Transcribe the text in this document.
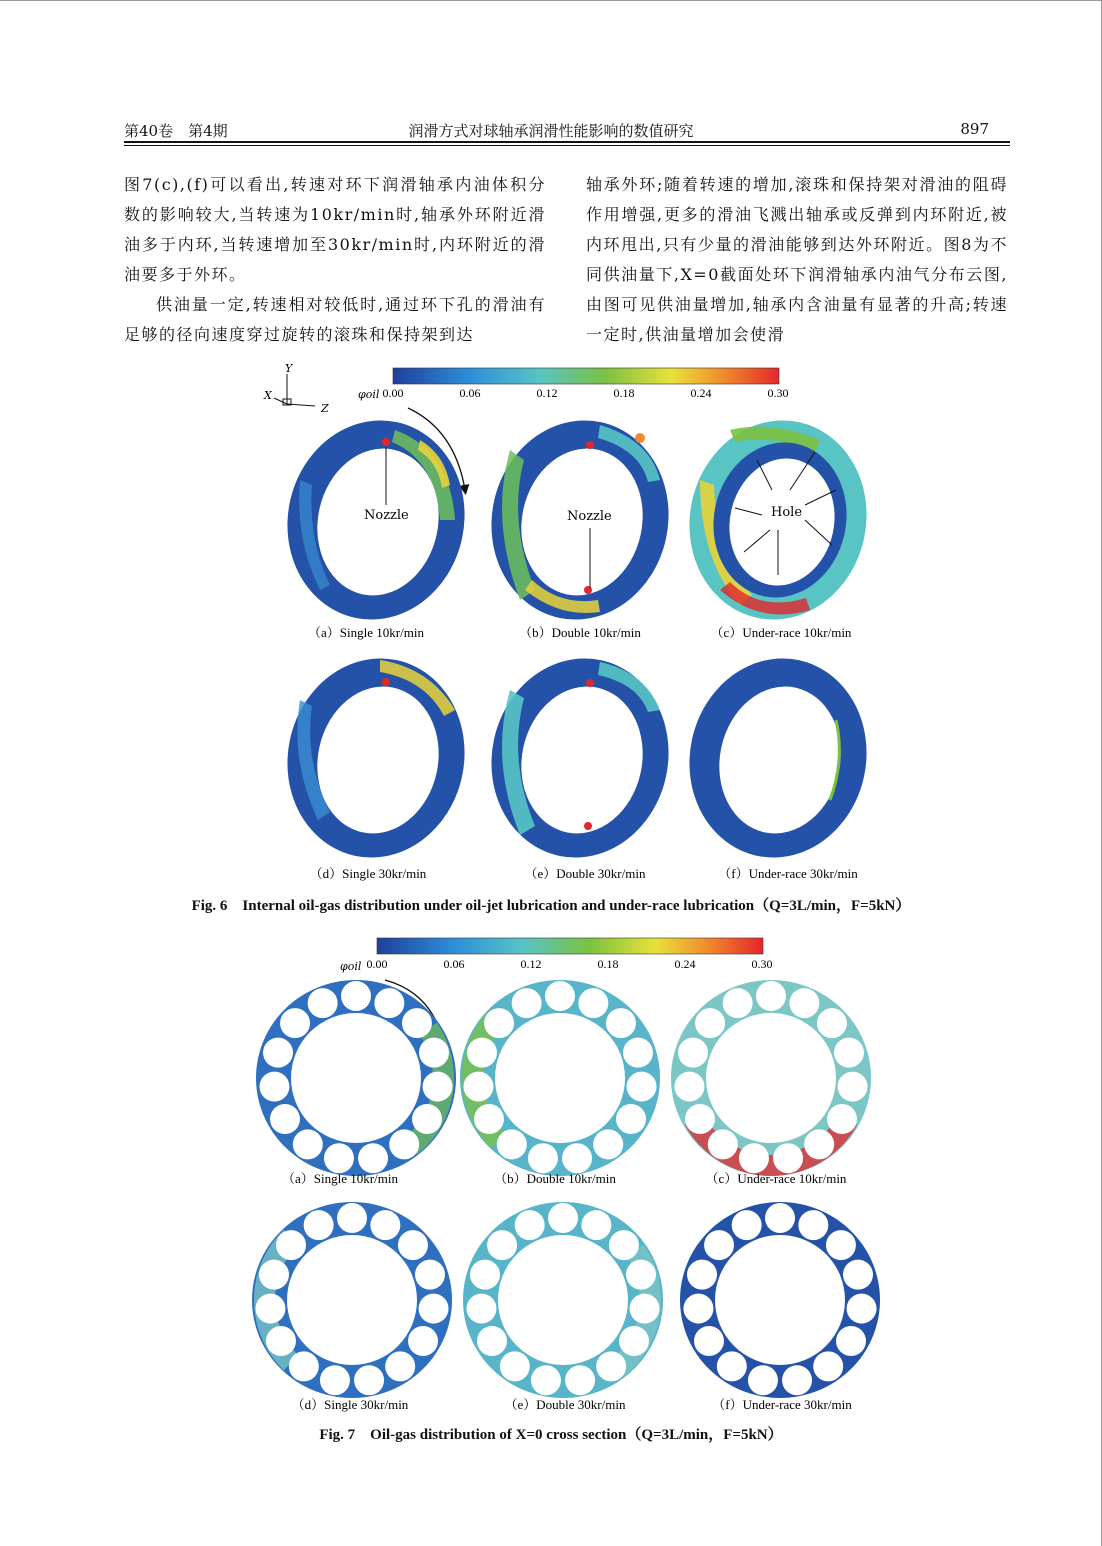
第40卷　第4期	润滑方式对球轴承润滑性能影响的数值研究	897

图7(c),(f)可以看出,转速对环下润滑轴承内油体积分数的影响较大,当转速为10kr/min时,轴承外环附近滑油多于内环,当转速增加至30kr/min时,内环附近的滑油要多于外环。

供油量一定,转速相对较低时,通过环下孔的滑油有足够的径向速度穿过旋转的滚珠和保持架到达

轴承外环;随着转速的增加,滚珠和保持架对滑油的阻碍作用增强,更多的滑油飞溅出轴承或反弹到内环附近,被内环甩出,只有少量的滑油能够到达外环附近。图8为不同供油量下,X=0截面处环下润滑轴承内油气分布云图,由图可见供油量增加,轴承内含油量有显著的升高;转速一定时,供油量增加会使滑

φoil 0.00	0.06	0.12	0.18	0.24	0.30
Y
X
Z
Nozzle	Nozzle	Hole
（a）Single 10kr/min	（b）Double 10kr/min	（c）Under-race 10kr/min
（d）Single 30kr/min	（e）Double 30kr/min	（f）Under-race 30kr/min
φoil 0.00	0.06	0.12	0.18	0.24	0.30
（a）Single 10kr/min	（b）Double 10kr/min	（c）Under-race 10kr/min
（d）Single 30kr/min	（e）Double 30kr/min	（f）Under-race 30kr/min
Fig. 6　Internal oil-gas distribution under oil-jet lubrication and under-race lubrication（Q=3L/min，F=5kN）
Fig. 7　Oil-gas distribution of X=0 cross section（Q=3L/min，F=5kN）
